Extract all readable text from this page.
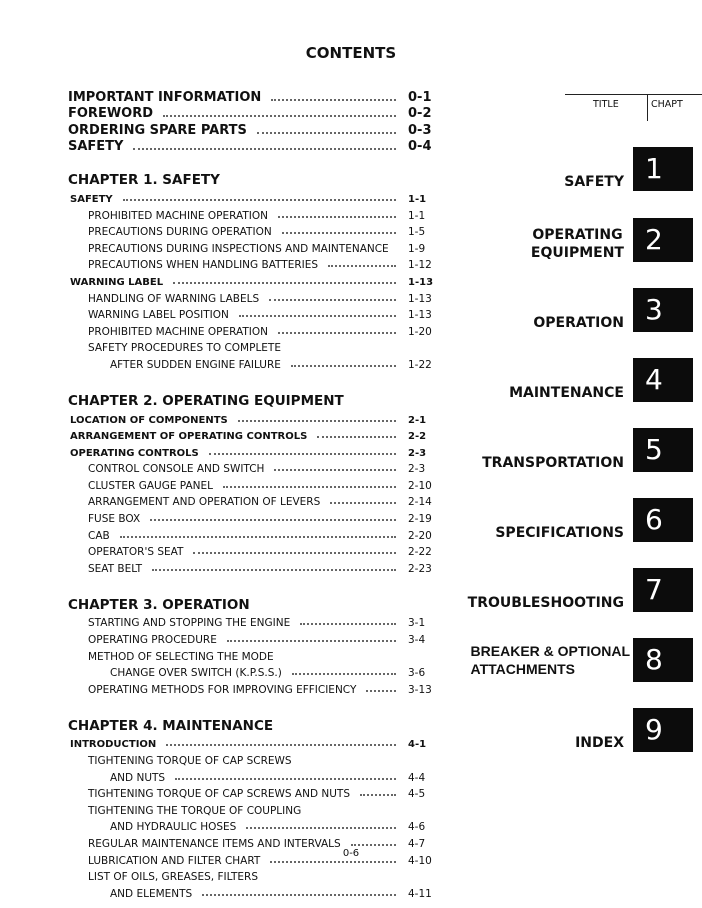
CONTENTS
IMPORTANT INFORMATION	0-1
FOREWORD	0-2
ORDERING SPARE PARTS	0-3
SAFETY	0-4
CHAPTER 1. SAFETY
SAFETY	1-1
PROHIBITED MACHINE OPERATION	1-1
PRECAUTIONS DURING OPERATION	1-5
PRECAUTIONS DURING INSPECTIONS AND MAINTENANCE 1-9
PRECAUTIONS WHEN HANDLING BATTERIES	1-12
WARNING LABEL	1-13
HANDLING OF WARNING LABELS	1-13
WARNING LABEL POSITION	1-13
PROHIBITED MACHINE OPERATION	1-20
SAFETY PROCEDURES TO COMPLETE
AFTER SUDDEN ENGINE FAILURE	1-22
CHAPTER 2. OPERATING EQUIPMENT
LOCATION OF COMPONENTS	2-1
ARRANGEMENT OF OPERATING CONTROLS	2-2
OPERATING CONTROLS	2-3
CONTROL CONSOLE AND SWITCH	2-3
CLUSTER GAUGE PANEL	2-10
ARRANGEMENT AND OPERATION OF LEVERS	2-14
FUSE BOX	2-19
CAB	2-20
OPERATOR'S SEAT	2-22
SEAT BELT	2-23
CHAPTER 3. OPERATION
STARTING AND STOPPING THE ENGINE	3-1
OPERATING PROCEDURE	3-4
METHOD OF SELECTING THE MODE
CHANGE OVER SWITCH (K.P.S.S.)	3-6
OPERATING METHODS FOR IMPROVING EFFICIENCY	3-13
CHAPTER 4. MAINTENANCE
INTRODUCTION	4-1
TIGHTENING TORQUE OF CAP SCREWS
AND NUTS	4-4
TIGHTENING TORQUE OF CAP SCREWS AND NUTS	4-5
TIGHTENING THE TORQUE OF COUPLING
AND HYDRAULIC HOSES	4-6
REGULAR MAINTENANCE ITEMS AND INTERVALS	4-7
LUBRICATION AND FILTER CHART	4-10
LIST OF OILS, GREASES, FILTERS
AND ELEMENTS	4-11
TITLE	CHAPT
SAFETY 1
OPERATING
EQUIPMENT 2
OPERATION 3
MAINTENANCE 4
TRANSPORTATION 5
SPECIFICATIONS 6
TROUBLESHOOTING 7
BREAKER & OPTIONAL
ATTACHMENTS	8
INDEX 9
0-6
